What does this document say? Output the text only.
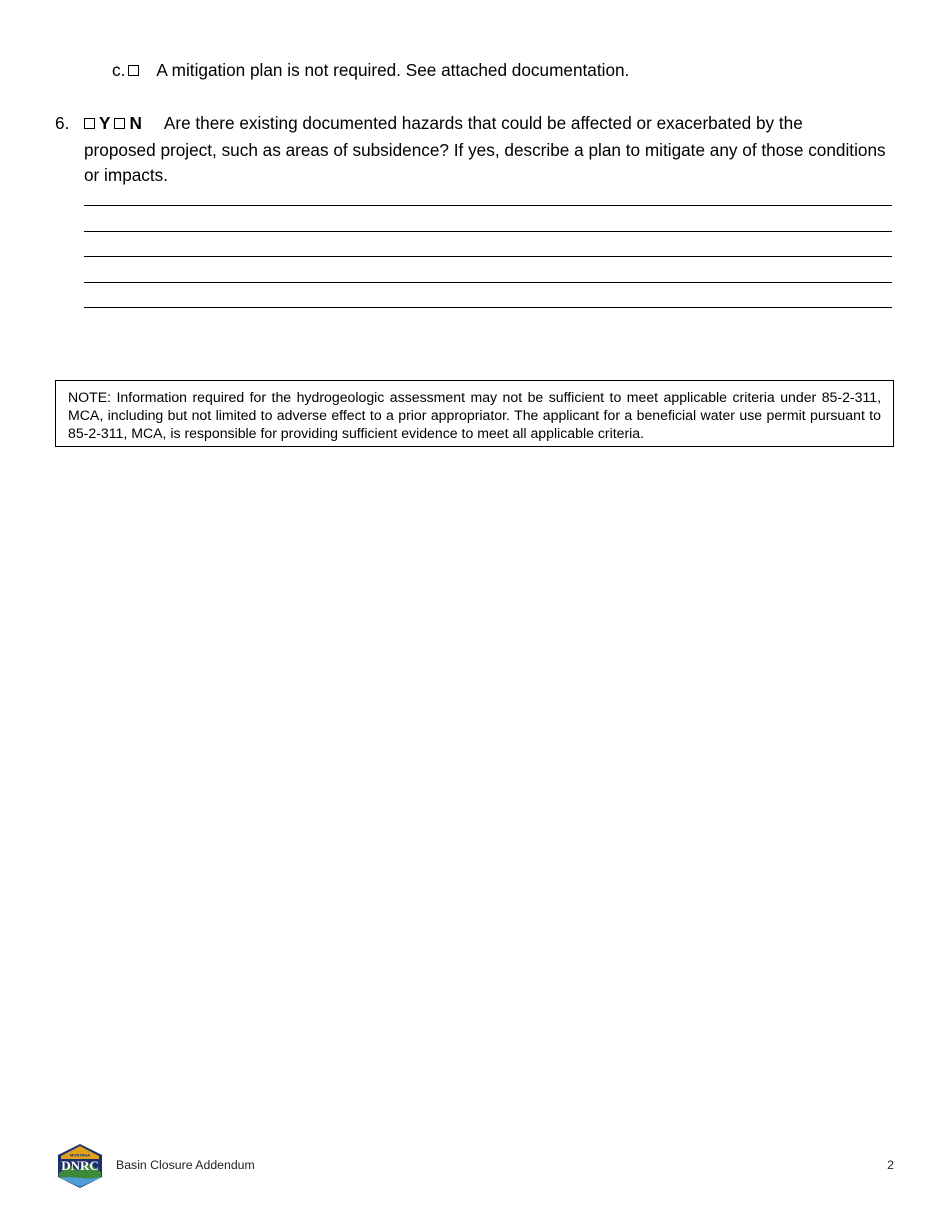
c. A mitigation plan is not required. See attached documentation.
6.	Y N Are there existing documented hazards that could be affected or exacerbated by the
proposed project, such as areas of subsidence? If yes, describe a plan to mitigate any of those conditions or impacts.
NOTE: Information required for the hydrogeologic assessment may not be sufficient to meet applicable criteria under 85-2-311, MCA, including but not limited to adverse effect to a prior appropriator. The applicant for a beneficial water use permit pursuant to 85-2-311, MCA, is responsible for providing sufficient evidence to meet all applicable criteria.
MONTANA
DNRC Basin Closure Addendum	2
